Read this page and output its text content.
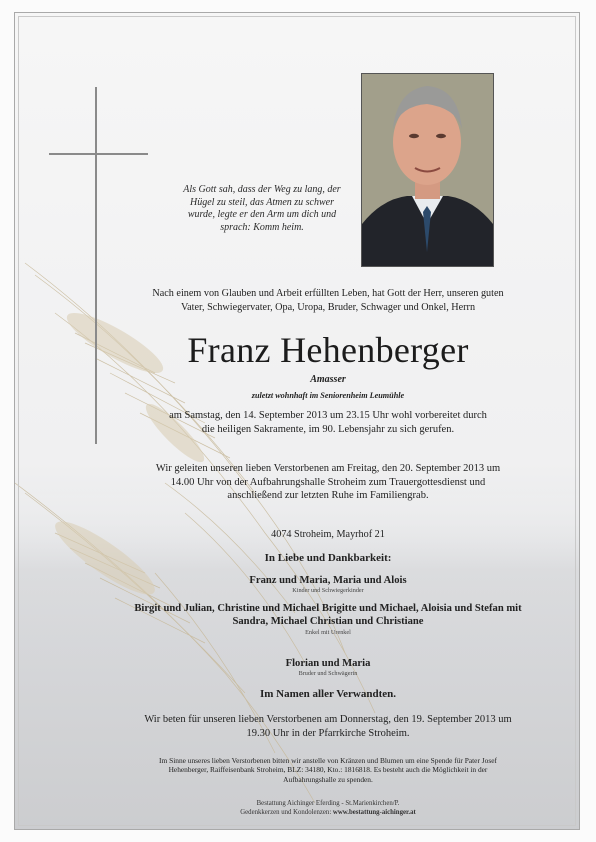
Als Gott sah, dass der Weg zu lang, der Hügel zu steil, das Atmen zu schwer wurde, legte er den Arm um dich und sprach: Komm heim.
Nach einem von Glauben und Arbeit erfüllten Leben, hat Gott der Herr, unseren guten Vater, Schwiegervater, Opa, Uropa, Bruder, Schwager und Onkel, Herrn
Franz Hehenberger
Amasser
zuletzt wohnhaft im Seniorenheim Leumühle
am Samstag, den 14. September 2013 um 23.15 Uhr wohl vorbereitet durch die heiligen Sakramente, im 90. Lebensjahr zu sich gerufen.
Wir geleiten unseren lieben Verstorbenen am Freitag, den 20. September 2013 um 14.00 Uhr von der Aufbahrungshalle Stroheim zum Trauergottesdienst und anschließend zur letzten Ruhe im Familiengrab.
4074 Stroheim, Mayrhof 21
In Liebe und Dankbarkeit:
Franz und Maria, Maria und Alois
Kinder und Schwiegerkinder
Birgit und Julian, Christine und Michael Brigitte und Michael, Aloisia und Stefan mit Sandra, Michael Christian und Christiane
Enkel mit Urenkel
Florian und Maria
Bruder und Schwägerin
Im Namen aller Verwandten.
Wir beten für unseren lieben Verstorbenen am Donnerstag, den 19. September 2013 um 19.30 Uhr in der Pfarrkirche Stroheim.
Im Sinne unseres lieben Verstorbenen bitten wir anstelle von Kränzen und Blumen um eine Spende für Pater Josef Hehenberger, Raiffeisenbank Stroheim, BLZ: 34180, Kto.: 1816818. Es besteht auch die Möglichkeit in der Aufbahrungshalle zu spenden.
Bestattung Aichinger Eferding - St.Marienkirchen/P.
Gedenkkerzen und Kondolenzen: www.bestattung-aichinger.at
